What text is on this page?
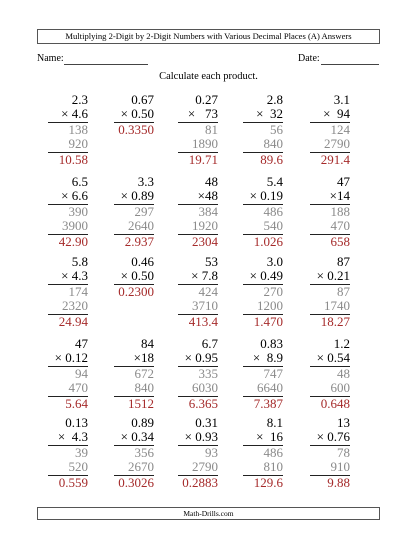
Multiplying 2-Digit by 2-Digit Numbers with Various Decimal Places (A) Answers
Name:	Date:
Calculate each product.
2.3
× 4.6
138
920
10.58
0.67
× 0.50
0.3350
0.27
×   73
81
1890
19.71
2.8
×  32
56
840
89.6
3.1
×  94
124
2790
291.4
6.5
× 6.6
390
3900
42.90
3.3
× 0.89
297
2640
2.937
48
×48
384
1920
2304
5.4
× 0.19
486
540
1.026
47
×14
188
470
658
5.8
× 4.3
174
2320
24.94
0.46
× 0.50
0.2300
53
× 7.8
424
3710
413.4
3.0
× 0.49
270
1200
1.470
87
× 0.21
87
1740
18.27
47
× 0.12
94
470
5.64
84
×18
672
840
1512
6.7
× 0.95
335
6030
6.365
0.83
×  8.9
747
6640
7.387
1.2
× 0.54
48
600
0.648
0.13
×  4.3
39
520
0.559
0.89
× 0.34
356
2670
0.3026
0.31
× 0.93
93
2790
0.2883
8.1
×  16
486
810
129.6
13
× 0.76
78
910
9.88
Math-Drills.com
